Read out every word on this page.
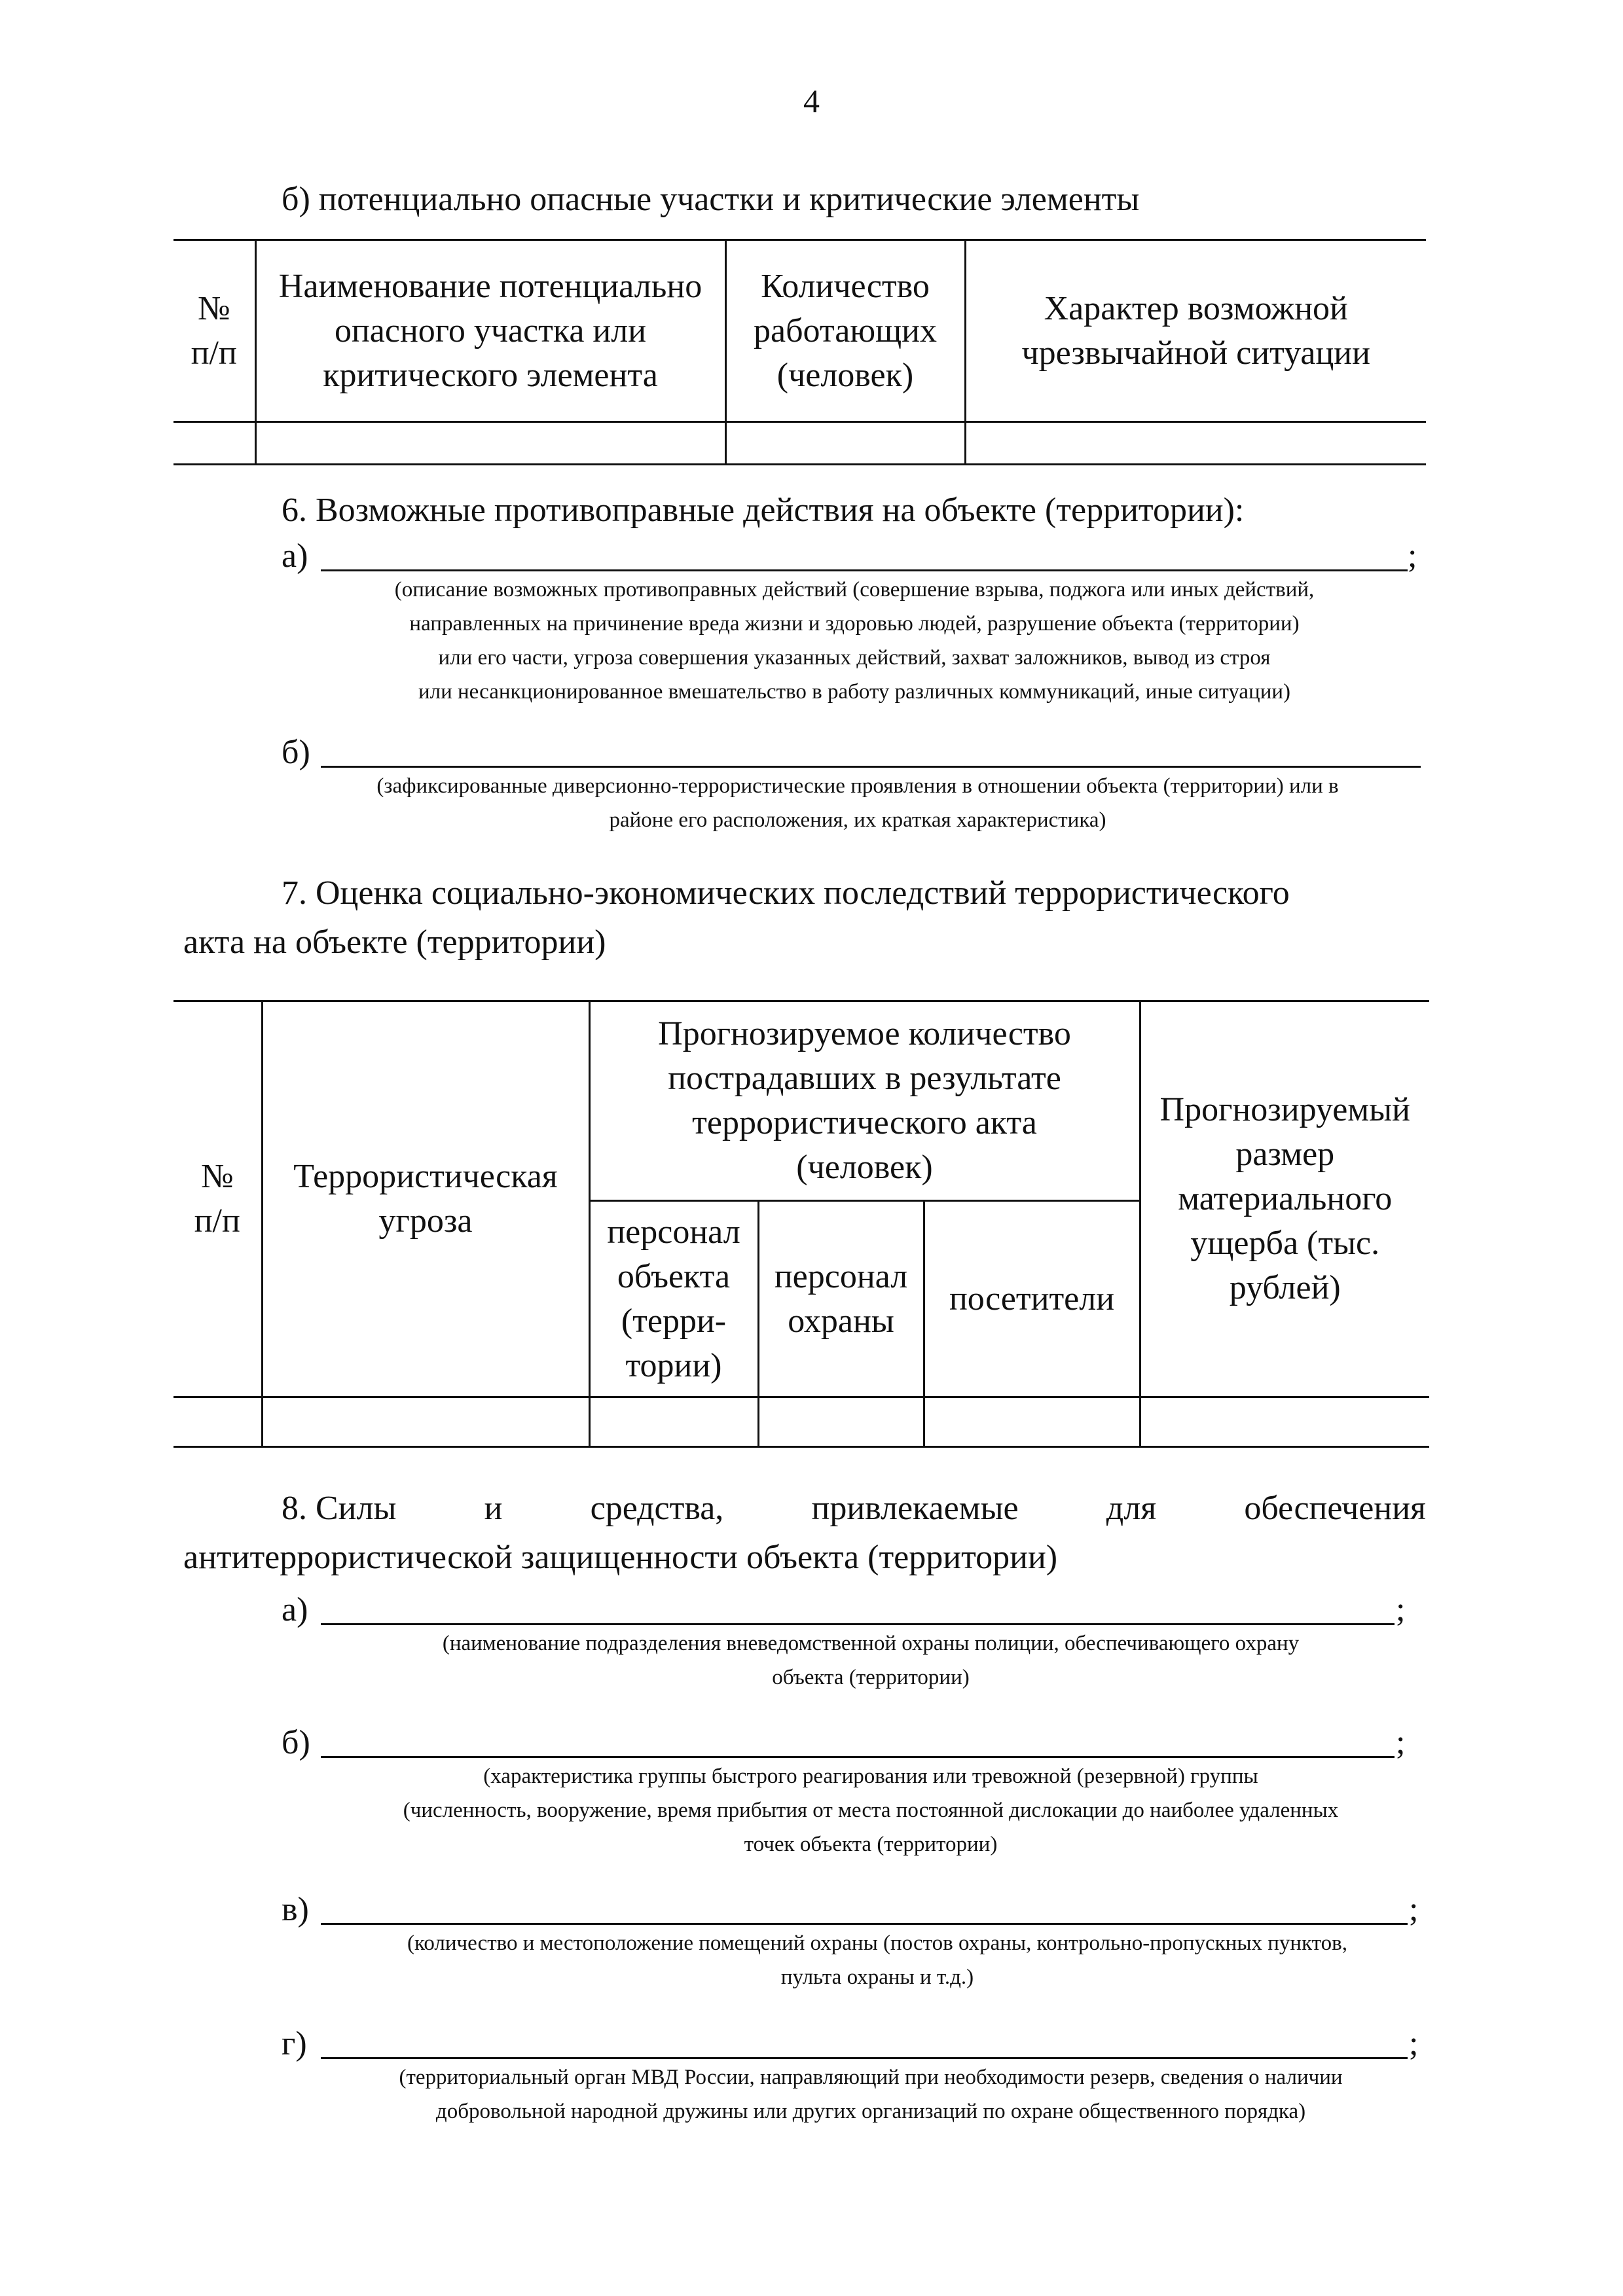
4
б) потенциально опасные участки и критические элементы
№ п/п	Наименование потенциально опасного участка или критического элемента	Количество работающих (человек)	Характер возможной чрезвычайной ситуации

6. Возможные противоправные действия на объекте (территории):
а)	;
(описание возможных противоправных действий (совершение взрыва, поджога или иных действий,
направленных на причинение вреда жизни и здоровью людей, разрушение объекта (территории)
или его части, угроза совершения указанных действий, захват заложников, вывод из строя
или несанкционированное вмешательство в работу различных коммуникаций, иные ситуации)
б)
(зафиксированные диверсионно-террористические проявления в отношении объекта (территории) или в
районе его расположения, их краткая характеристика)
7. Оценка социально-экономических последствий террористического
акта на объекте (территории)
№ п/п	Террористическая угроза	Прогнозируемое количество пострадавших в результате террористического акта (человек)			Прогнозируемый размер материального ущерба (тыс. рублей)
		персонал объекта (терри- тории)	персонал охраны	посетители	

8. Силы	и	средства,	привлекаемые	для	обеспечения
антитеррористической защищенности объекта (территории)
а)	;
(наименование подразделения вневедомственной охраны полиции, обеспечивающего охрану
объекта (территории)
б)	;
(характеристика группы быстрого реагирования или тревожной (резервной) группы
(численность, вооружение, время прибытия от места постоянной дислокации до наиболее удаленных
точек объекта (территории)
в)	;
(количество и местоположение помещений охраны (постов охраны, контрольно-пропускных пунктов,
пульта охраны и т.д.)
г)	;
(территориальный орган МВД России, направляющий при необходимости резерв, сведения о наличии
добровольной народной дружины или других организаций по охране общественного порядка)
